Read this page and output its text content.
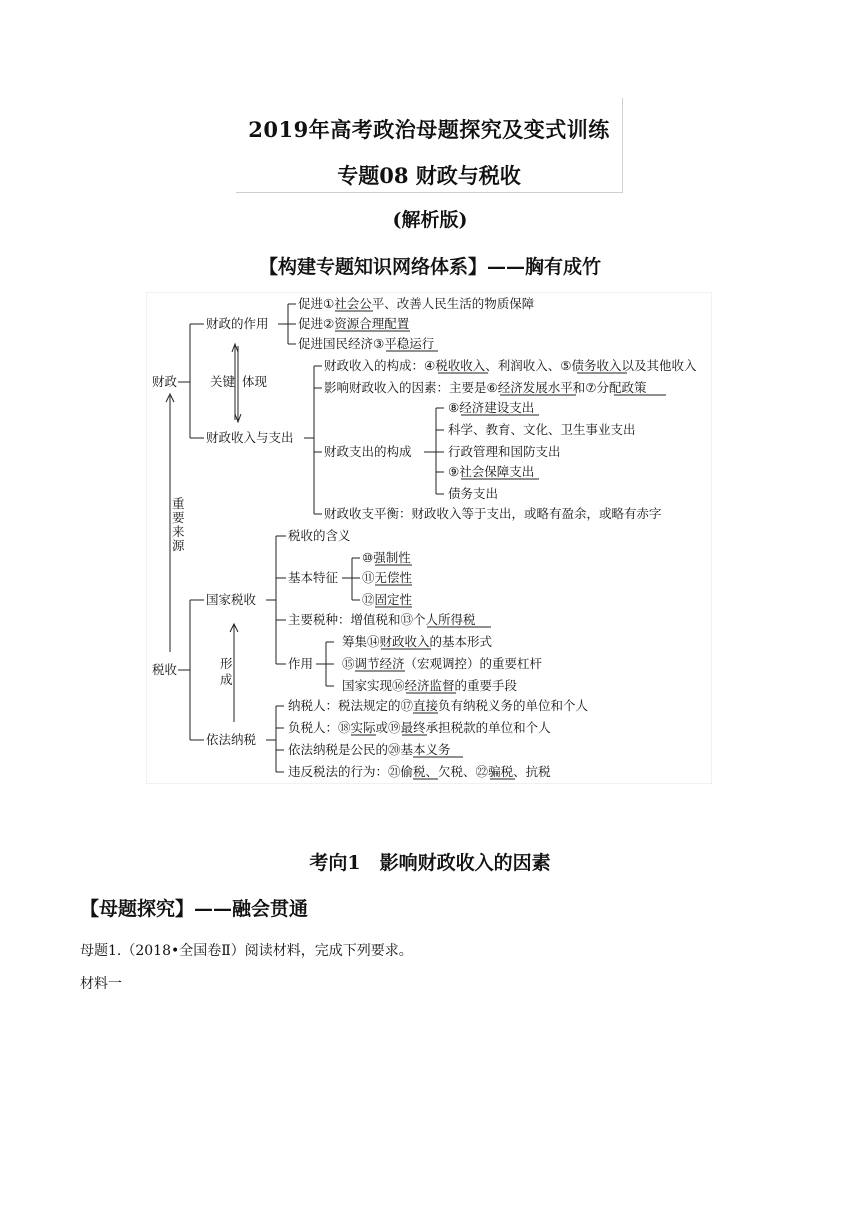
2019年高考政治母题探究及变式训练
专题08 财政与税收
(解析版)
【构建专题知识网络体系】——胸有成竹
财政
税收
重
要
来
源
财政的作用
财政收入与支出
关键 体现
促进①社会公平、改善人民生活的物质保障
促进②资源合理配置
促进国民经济③平稳运行
财政收入的构成：④税收收入、利润收入、⑤债务收入以及其他收入
影响财政收入的因素：主要是⑥经济发展水平和⑦分配政策
财政支出的构成
财政收支平衡：财政收入等于支出，或略有盈余，或略有赤字
⑧经济建设支出
科学、教育、文化、卫生事业支出
行政管理和国防支出
⑨社会保障支出
债务支出
国家税收
依法纳税
形
成
税收的含义
基本特征
主要税种：增值税和⑬个人所得税
作用
⑩强制性
⑪无偿性
⑫固定性
筹集⑭财政收入的基本形式
⑮调节经济（宏观调控）的重要杠杆
国家实现⑯经济监督的重要手段
纳税人：税法规定的⑰直接负有纳税义务的单位和个人
负税人：⑱实际或⑲最终承担税款的单位和个人
依法纳税是公民的⑳基本义务
违反税法的行为：㉑偷税、欠税、㉒骗税、抗税
考向1　影响财政收入的因素
【母题探究】——融会贯通
母题1.（2018•全国卷Ⅱ）阅读材料，完成下列要求。
材料一
